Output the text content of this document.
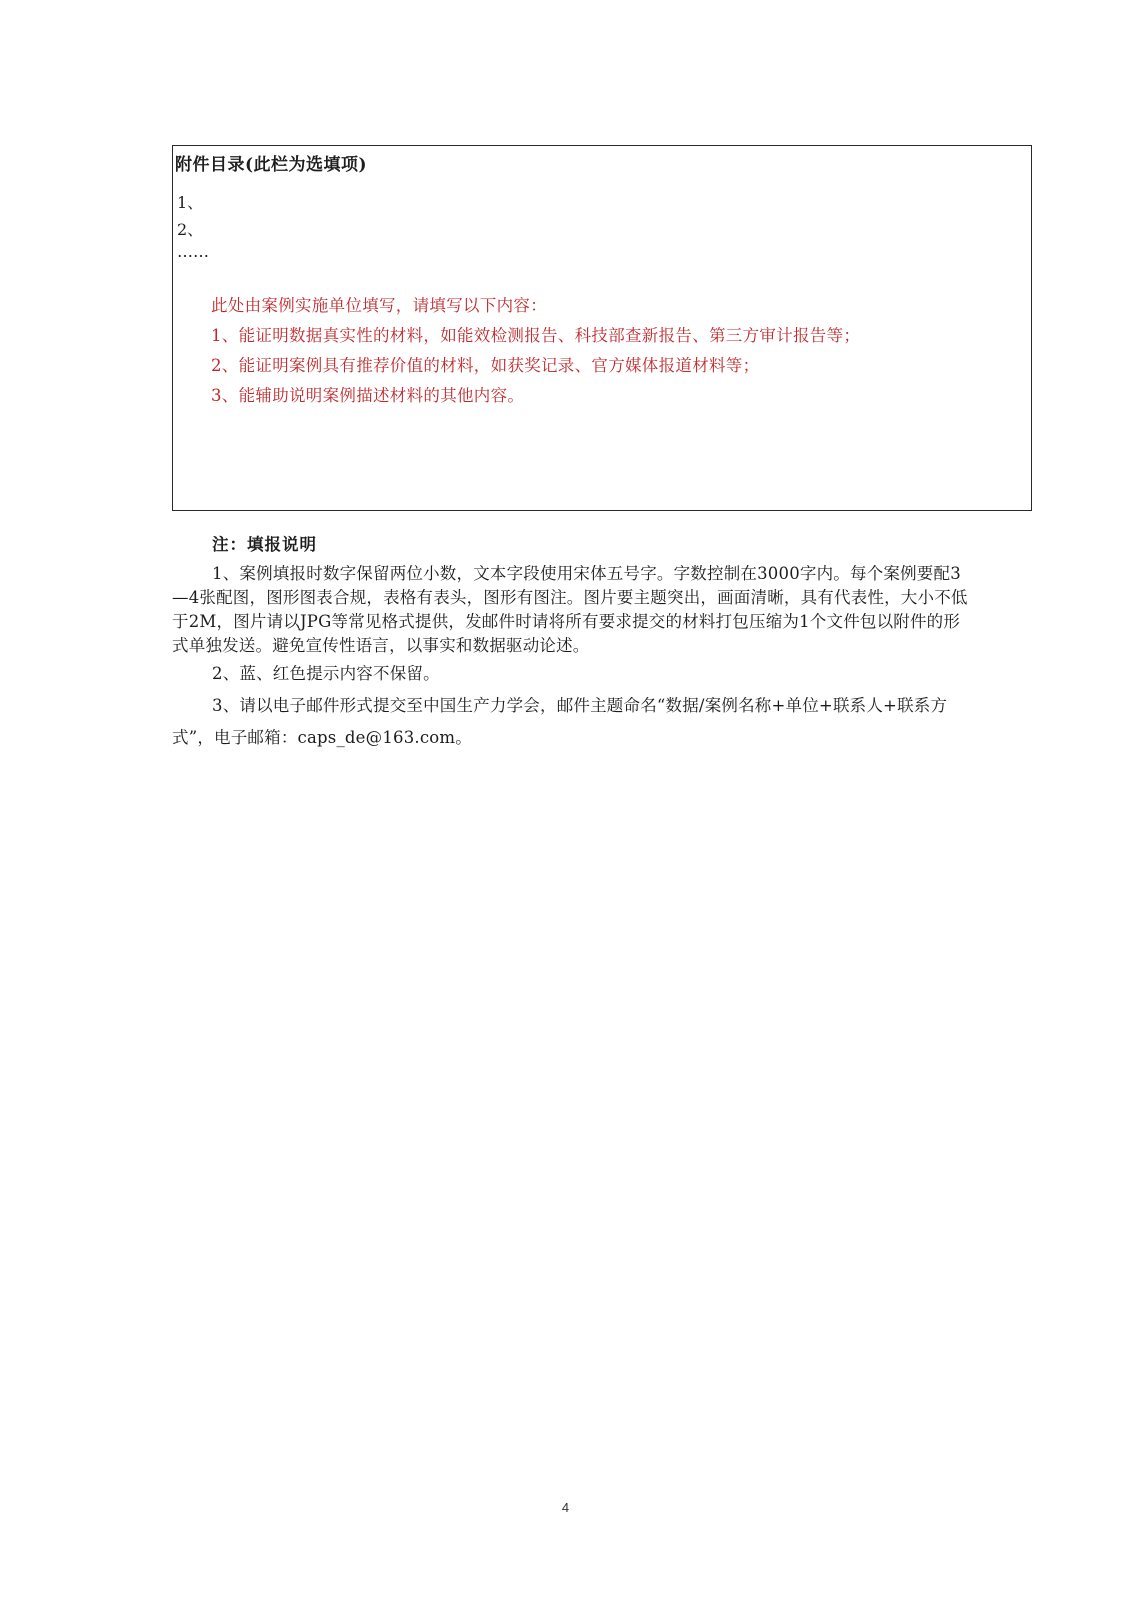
附件目录(此栏为选填项)
1、
2、
……
此处由案例实施单位填写，请填写以下内容：
1、能证明数据真实性的材料，如能效检测报告、科技部查新报告、第三方审计报告等；
2、能证明案例具有推荐价值的材料，如获奖记录、官方媒体报道材料等；
3、能辅助说明案例描述材料的其他内容。
注：填报说明
1、案例填报时数字保留两位小数，文本字段使用宋体五号字。字数控制在3000字内。每个案例要配3—4张配图，图形图表合规，表格有表头，图形有图注。图片要主题突出，画面清晰，具有代表性，大小不低于2M，图片请以JPG等常见格式提供，发邮件时请将所有要求提交的材料打包压缩为1个文件包以附件的形式单独发送。避免宣传性语言，以事实和数据驱动论述。
2、蓝、红色提示内容不保留。
3、请以电子邮件形式提交至中国生产力学会，邮件主题命名“数据/案例名称+单位+联系人+联系方式”，电子邮箱：caps_de@163.com。
4
